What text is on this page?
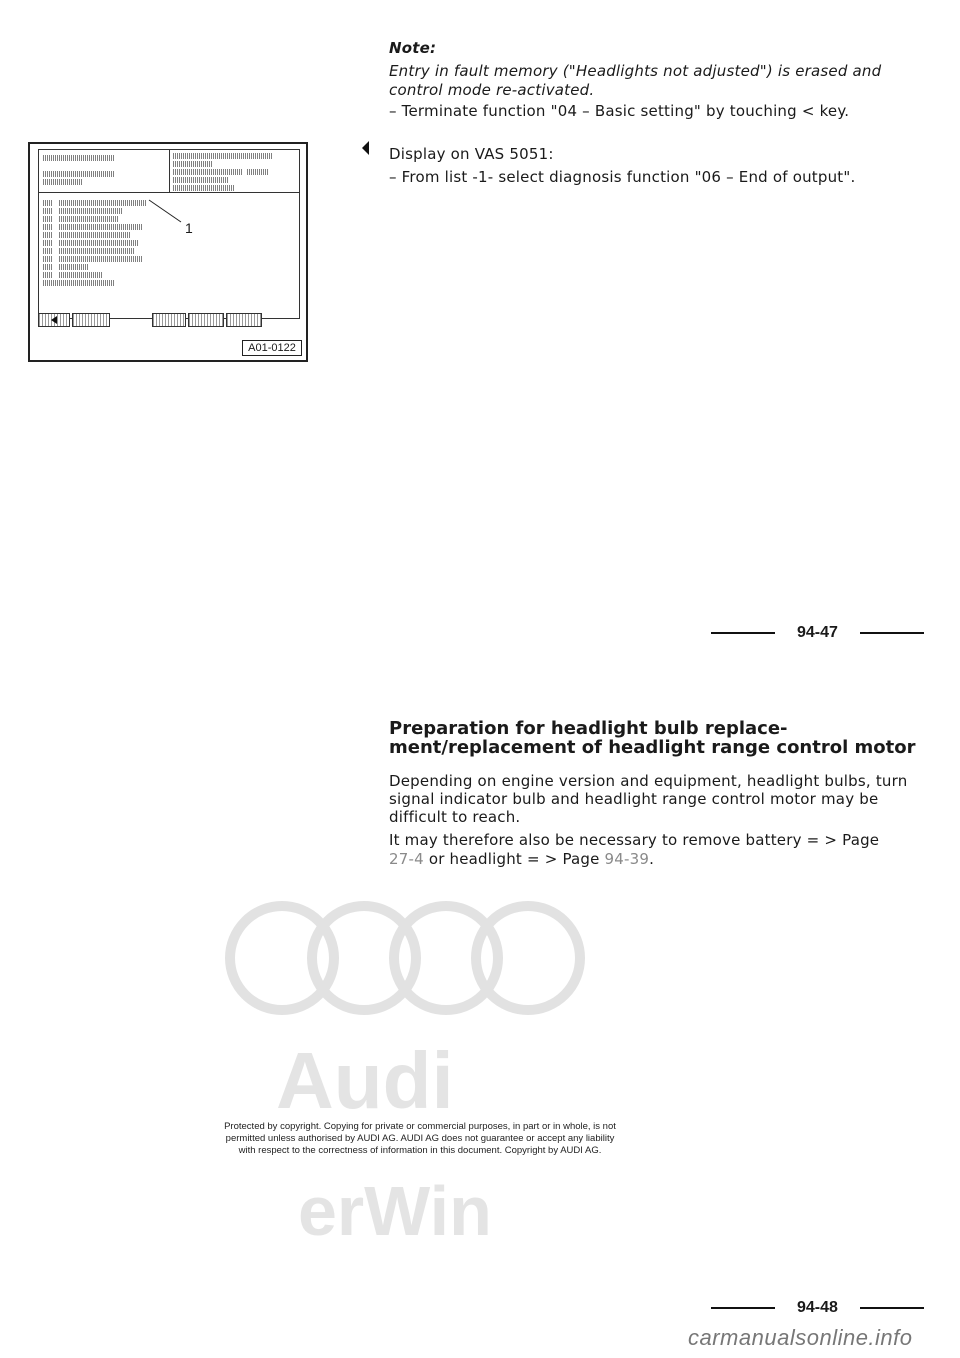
Note:
Entry in fault memory ("Headlights not adjusted") is erased and
control mode re-activated.
– Terminate function "04 – Basic setting" by touching < key.
Display on VAS 5051:
– From list -1- select diagnosis function "06 – End of output".
1
A01-0122
94-47
Preparation for headlight bulb replace-
ment/replacement of headlight range control motor
Depending on engine version and equipment, headlight bulbs, turn
signal indicator bulb and headlight range control motor may be
difficult to reach.
It may therefore also be necessary to remove battery = > Page
27-4 or headlight = > Page 94-39.
Audi
erWin
Protected by copyright. Copying for private or commercial purposes, in part or in whole, is not
permitted unless authorised by AUDI AG. AUDI AG does not guarantee or accept any liability
with respect to the correctness of information in this document. Copyright by AUDI AG.
94-48
carmanualsonline.info
